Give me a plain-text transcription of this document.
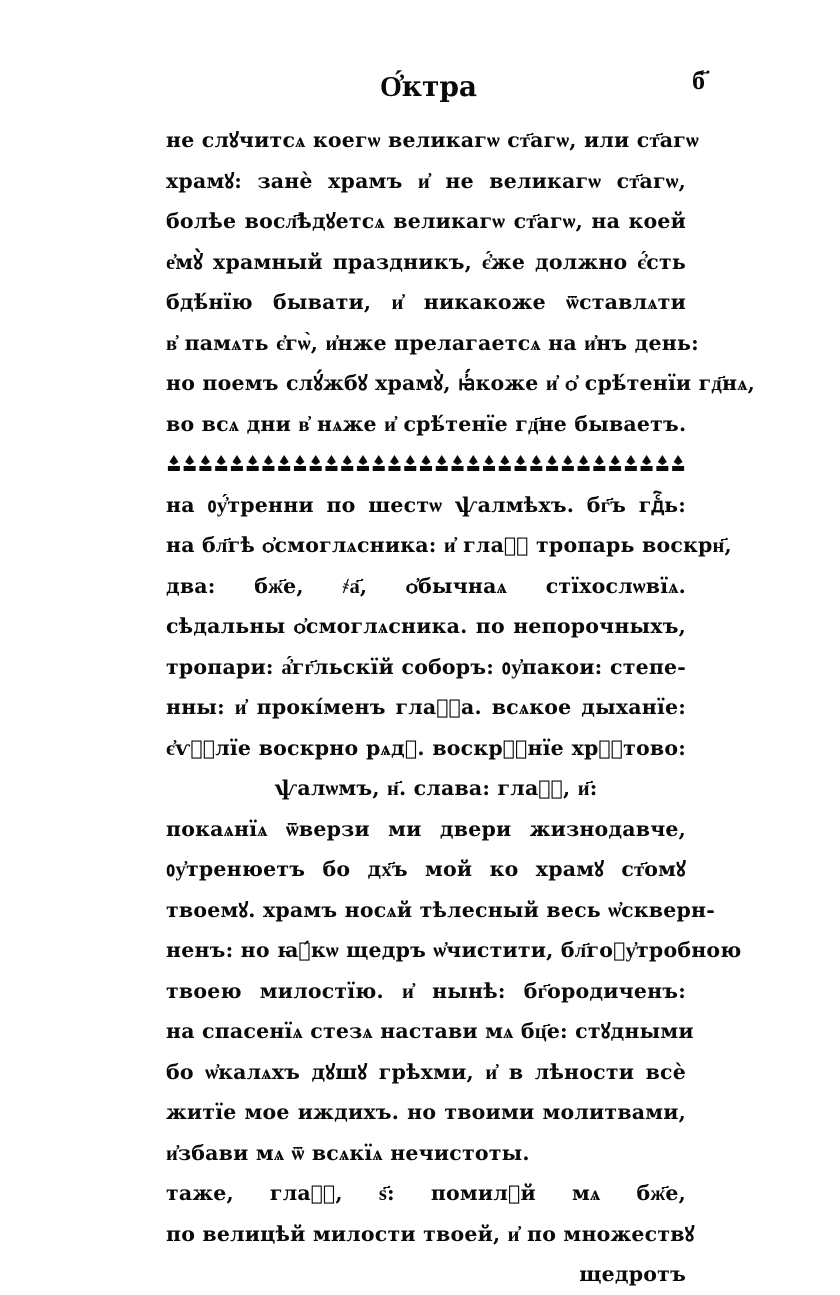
О҆́ктра	б҃
не слꙋчитсѧ коегѡ великагѡ ст҃агѡ, или ст҃агѡ
храмꙋ: занѐ храмъ и҆ не великагѡ ст҃агѡ,
болѣе восл҃ѣдꙋетсѧ великагѡ ст҃агѡ, на коей
е҆мꙋ̀ храмный праздникъ, є҆́же должно є҆́сть
бдѣ́нїю бывати, и҆ никакоже ѿставлѧти
в҆ памѧть є҆гѡ̀, и҆нже прелагаетсѧ на и҆нъ день:
но поемъ слꙋ́жбꙋ храмꙋ̀, ꙗ҆́коже и҆ ѻ҆ срѣ́тенїи гд҃нѧ,
во всѧ дни в҆ нѧже и҆ срѣ́тенїе гд҃не бываетъ.
на ᲂу҆́тренни по шестѡ ѱалмѣхъ. бг҃ъ гдⷭ҇ь:
на бл҃гѣ ѻ҆смоглѧсника: и҆ глаⷭ҇ тропарь воскрн҃,
два: бж҃е, ҂а҃, ѻ҆бычнаѧ стїхослѡвїѧ.
сѣдальны ѻ҆смоглѧсника. по непорочныхъ,
тропари: а҆́гг҃льскїй соборъ: ᲂу҆пакои: степе-
нны: и҆ прокі́менъ глаⷭ҇а. всѧкое дыханїе:
є҆ѵⷢ҇лїе воскрно рѧдꙋ. воскрⷭ҇нїе хрⷭ҇тово:
ѱалѡмъ, н҃. слава: глаⷭ҇, и҃:
покаѧнїѧ ѿверзи ми двери жизнодавче,
ᲂу҆тренюетъ бо дх҃ъ мой ко храмꙋ ст҃омꙋ
твоемꙋ. храмъ носѧй тѣлесный весь ѡ҆скверн-
ненъ: но ꙗ҆́кѡ щедръ ѡ҆чистити, бл҃гоᲂу҆тробною
твоею милостїю. и҆ нынѣ: бг҃ородиченъ:
на спасенїѧ стезѧ настави мѧ бц҃е: стꙋдными
бо ѡ҆калѧхъ дꙋшꙋ грѣхми, и҆ в лѣности всѐ
житїе мое иждихъ. но твоими молитвами,
и҆збави мѧ ѿ всѧкїѧ нечистоты.
таже, глаⷭ҇, ѕ҃: помилꙋй мѧ бж҃е,
по велицѣй милости твоей, и҆ по множествꙋ
щедротъ
